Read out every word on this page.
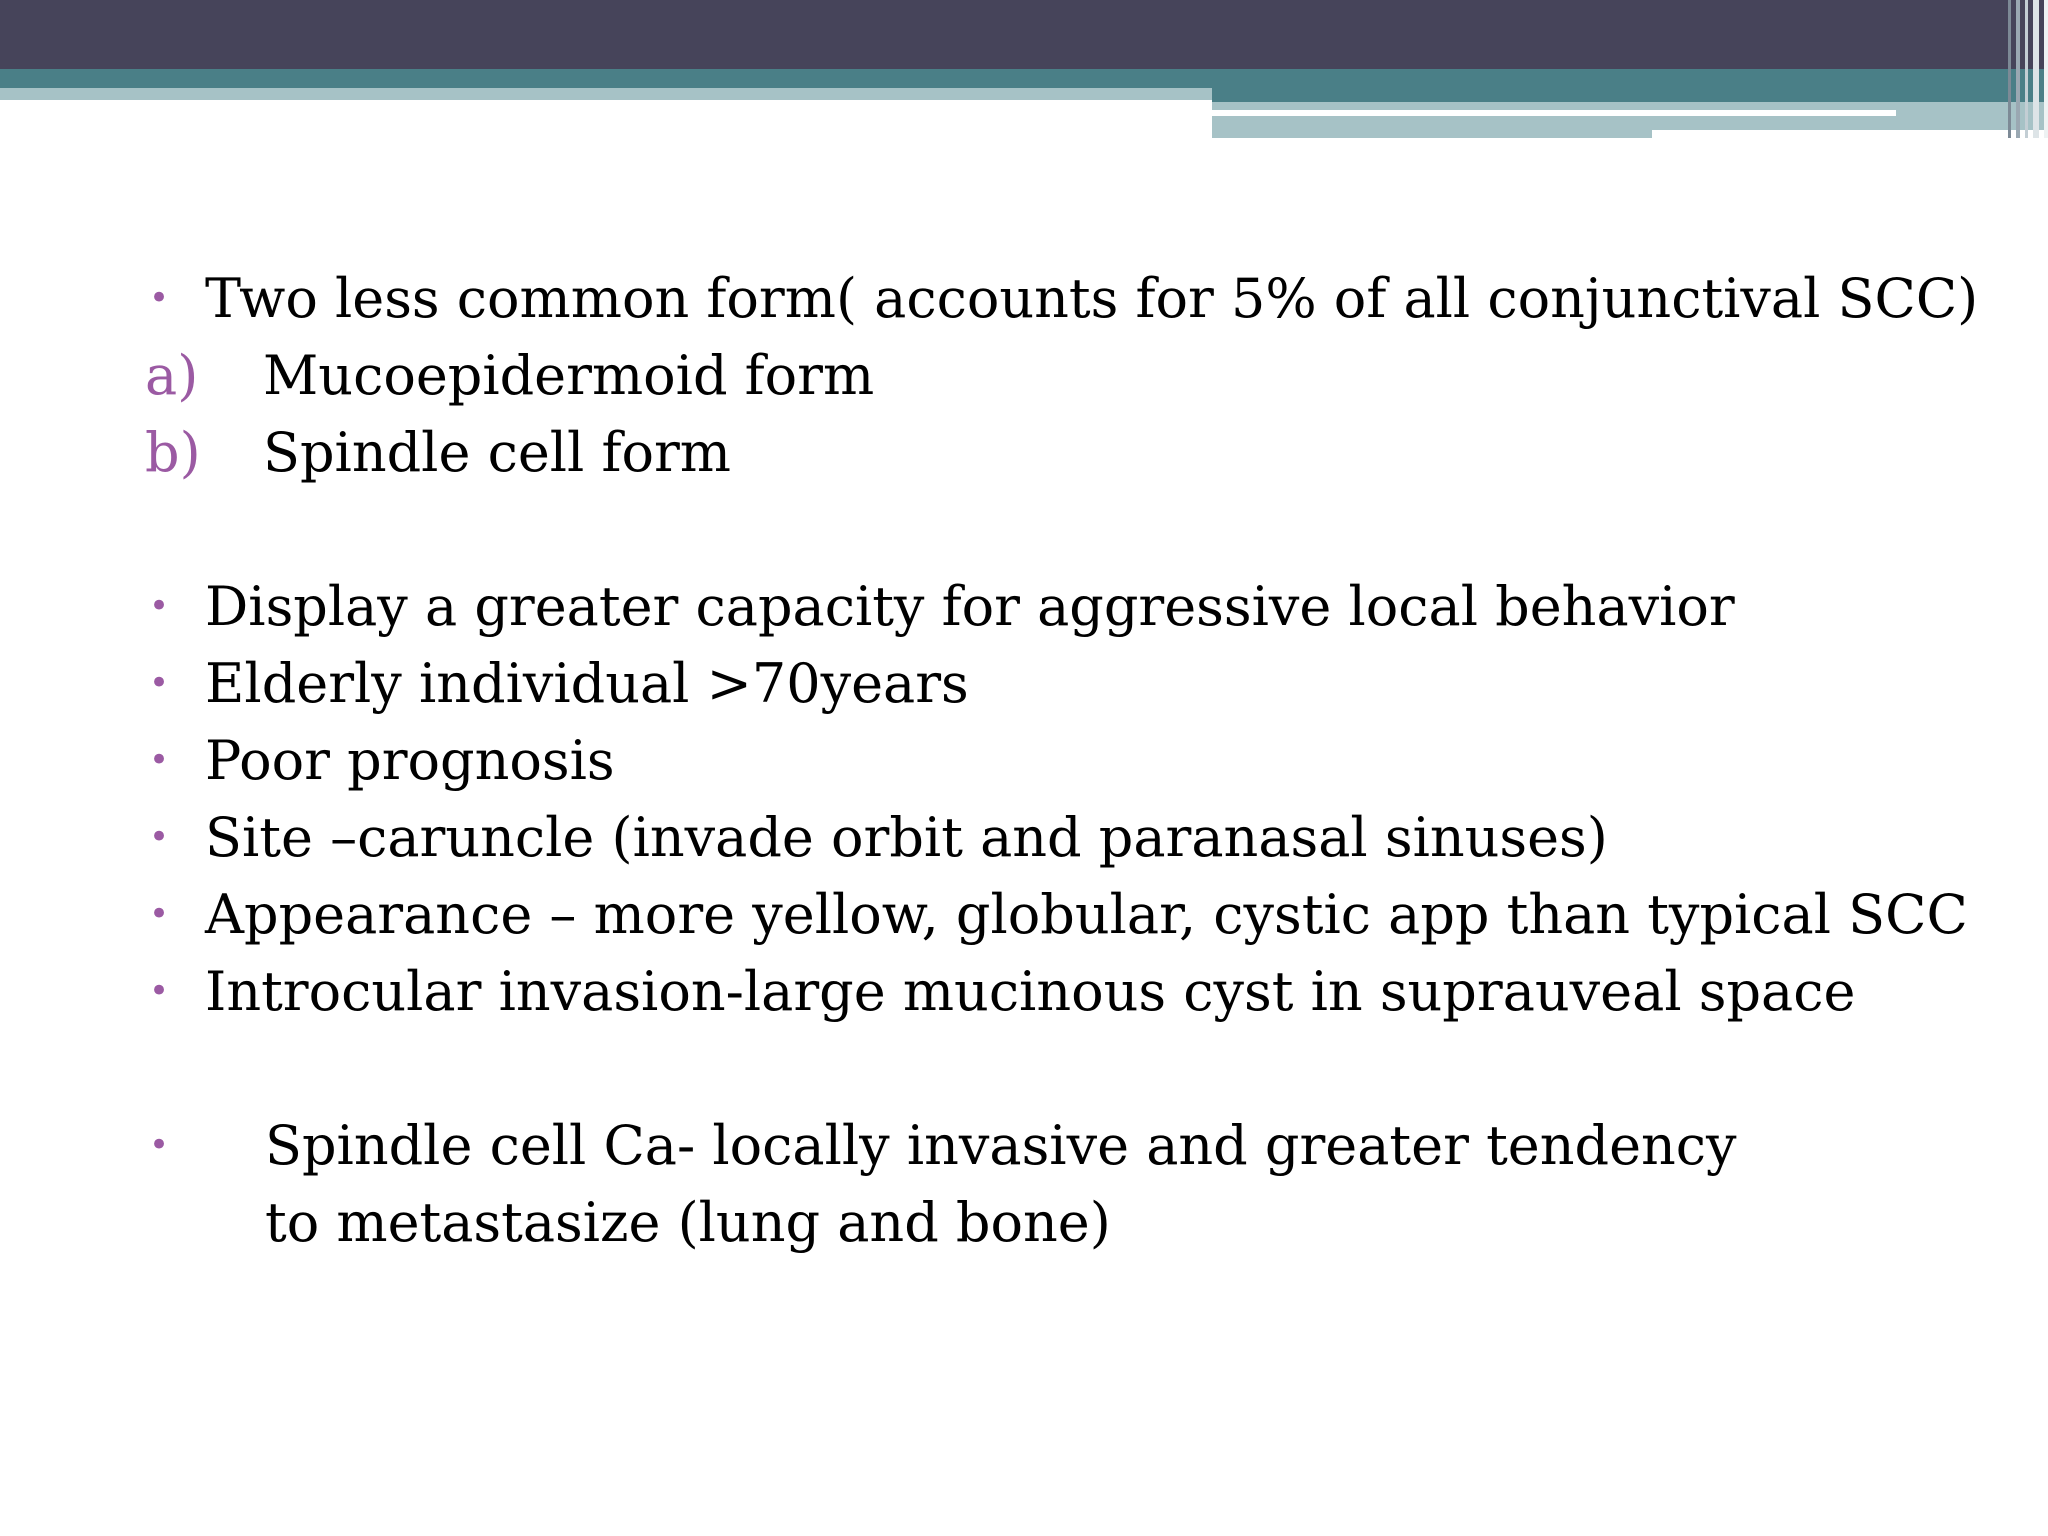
• Two less common form( accounts for 5% of all conjunctival SCC)
a) Mucoepidermoid form
b) Spindle cell form
• Display a greater capacity for aggressive local behavior
• Elderly individual >70years
• Poor prognosis
• Site –caruncle (invade orbit and paranasal sinuses)
• Appearance – more yellow, globular, cystic app than typical SCC
• Introcular invasion-large mucinous cyst in suprauveal space
• Spindle cell Ca- locally invasive and greater tendency to metastasize (lung and bone)
